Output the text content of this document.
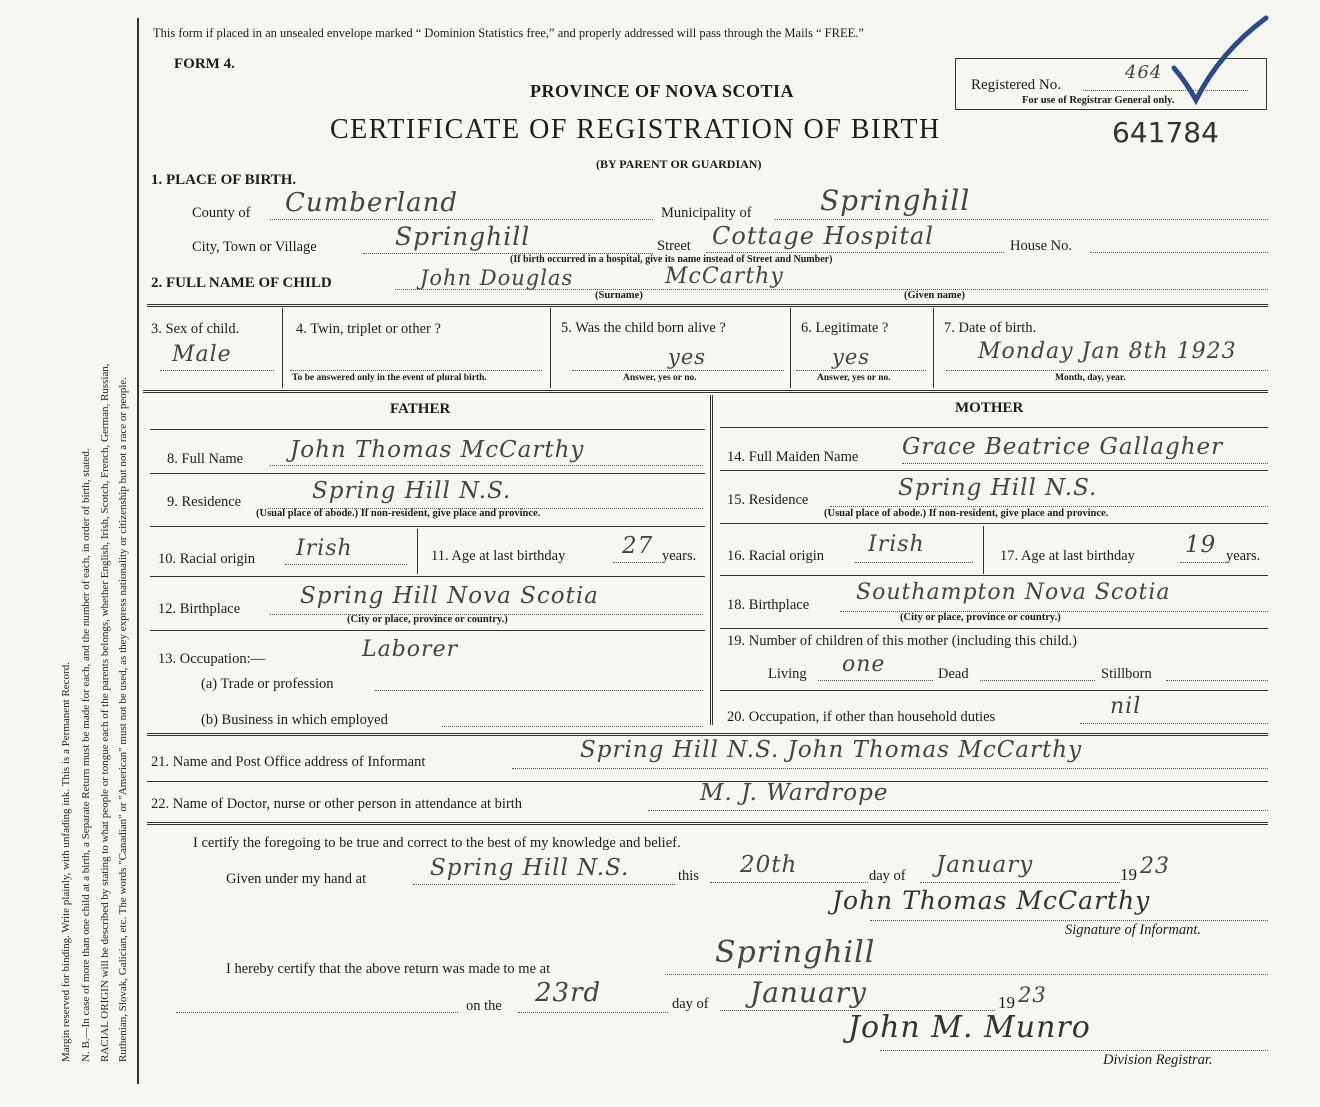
Margin reserved for binding. Write plainly, with unfading ink. This is a Permanent Record. N. B.—In case of more than one child at a birth, a Separate Return must be made for each, and the number of each, in order of birth, stated. RACIAL ORIGIN will be described by stating to what people or tongue each of the parents belongs, whether English, Irish, Scotch, French, German, Russian, Ruthenian, Slovak, Galician, etc. The words "Canadian" or "American" must not be used, as they express nationality or citizenship but not a race or people.
This form if placed in an unsealed envelope marked “ Dominion Statistics free,” and properly addressed will pass through the Mails “ FREE.”
FORM 4.
PROVINCE OF NOVA SCOTIA
CERTIFICATE OF REGISTRATION OF BIRTH	641784
(BY PARENT OR GUARDIAN)
Registered No.
464
For use of Registrar General only.
1. PLACE OF BIRTH.
County of Cumberland	Municipality of Springhill
City, Town or Village	Springhill	Street Cottage Hospital	House No.
(If birth occurred in a hospital, give its name instead of Street and Number)
2. FULL NAME OF CHILD	John Douglas	McCarthy
(Surname)	(Given name)
3. Sex of child.
Male
4. Twin, triplet or other ?
To be answered only in the event of plural birth.
5. Was the child born alive ?
yes
Answer, yes or no.
6. Legitimate ?
yes
Answer, yes or no.
7. Date of birth.
Monday Jan 8th 1923
Month, day, year.
FATHER	MOTHER
8. Full Name John Thomas McCarthy
9. Residence	Spring Hill N.S.
(Usual place of abode.) If non-resident, give place and province.
10. Racial origin Irish	11. Age at last birthday 27 years.
12. Birthplace	Spring Hill Nova Scotia
(City or place, province or country.)
13. Occupation:—	Laborer
(a) Trade or profession
(b) Business in which employed
14. Full Maiden Name Grace Beatrice Gallagher
15. Residence	Spring Hill N.S.
(Usual place of abode.) If non-resident, give place and province.
16. Racial origin Irish	17. Age at last birthday 19 years.
18. Birthplace Southampton Nova Scotia
(City or place, province or country.)
19. Number of children of this mother (including this child.)
Living one	Dead	Stillborn
20. Occupation, if other than household duties	nil
21. Name and Post Office address of Informant	Spring Hill N.S. John Thomas McCarthy
22. Name of Doctor, nurse or other person in attendance at birth	M. J. Wardrope
I certify the foregoing to be true and correct to the best of my knowledge and belief.
Given under my hand at	Spring Hill N.S.	this 20th	day of January	19 23
John Thomas McCarthy
Signature of Informant.
I hereby certify that the above return was made to me at	Springhill
on the 23rd	day of January	19 23
John M. Munro
Division Registrar.
